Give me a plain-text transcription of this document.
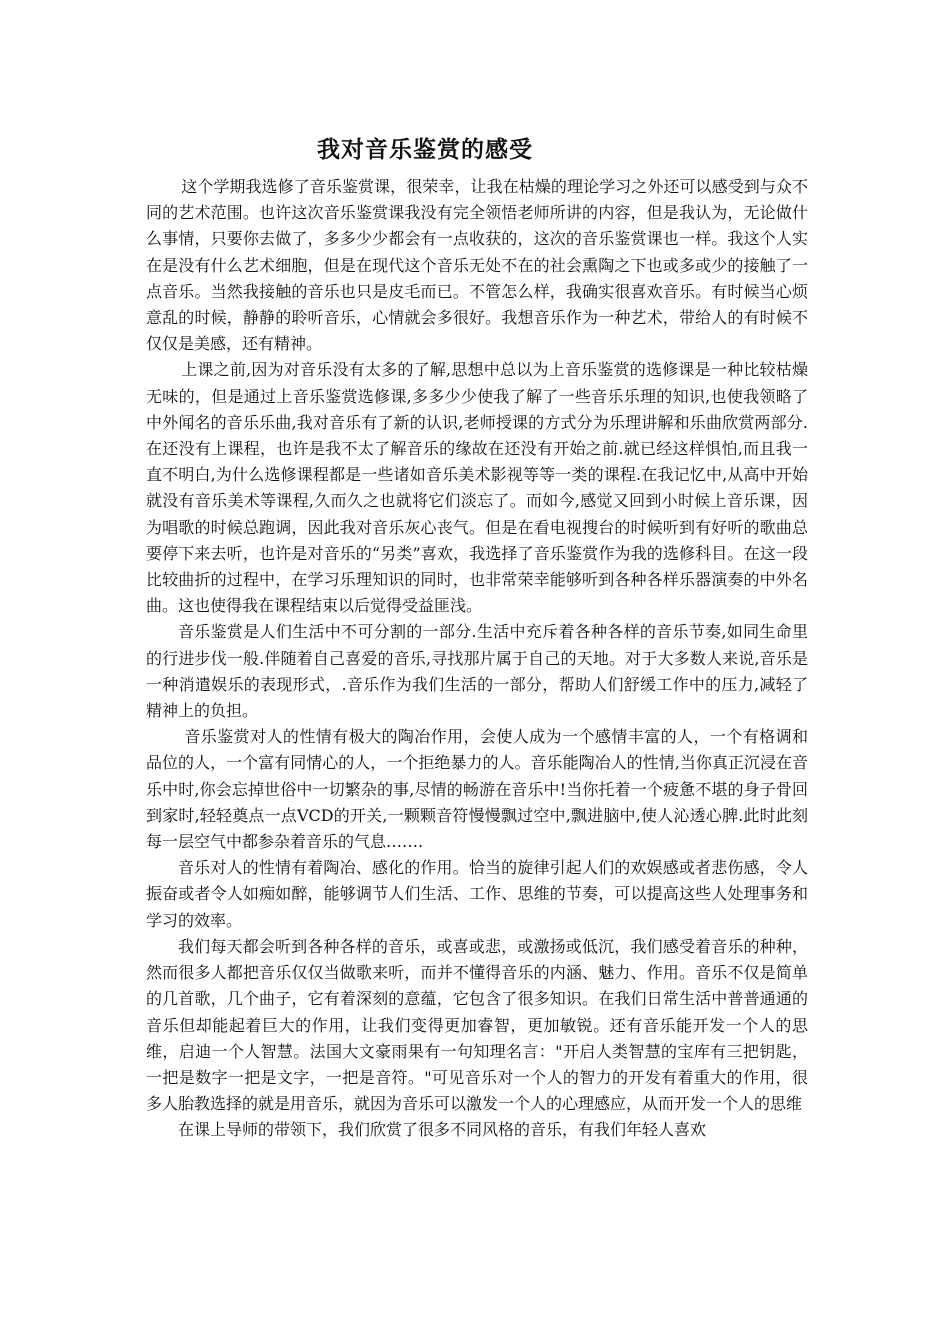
我对音乐鉴赏的感受

这个学期我选修了音乐鉴赏课，很荣幸，让我在枯燥的理论学习之外还可以感受到与众不同的艺术范围。也许这次音乐鉴赏课我没有完全领悟老师所讲的内容，但是我认为，无论做什么事情，只要你去做了，多多少少都会有一点收获的，这次的音乐鉴赏课也一样。我这个人实在是没有什么艺术细胞，但是在现代这个音乐无处不在的社会熏陶之下也或多或少的接触了一点音乐。当然我接触的音乐也只是皮毛而已。不管怎么样，我确实很喜欢音乐。有时候当心烦意乱的时候，静静的聆听音乐，心情就会多很好。我想音乐作为一种艺术，带给人的有时候不仅仅是美感，还有精神。

上课之前,因为对音乐没有太多的了解,思想中总以为上音乐鉴赏的选修课是一种比较枯燥无味的，但是通过上音乐鉴赏选修课,多多少少使我了解了一些音乐乐理的知识,也使我领略了中外闻名的音乐乐曲,我对音乐有了新的认识,老师授课的方式分为乐理讲解和乐曲欣赏两部分.在还没有上课程，也许是我不太了解音乐的缘故在还没有开始之前.就已经这样惧怕,而且我一直不明白,为什么选修课程都是一些诸如音乐美术影视等等一类的课程.在我记忆中,从高中开始就没有音乐美术等课程,久而久之也就将它们淡忘了。而如今,感觉又回到小时候上音乐课，因为唱歌的时候总跑调，因此我对音乐灰心丧气。但是在看电视搜台的时候听到有好听的歌曲总要停下来去听，也许是对音乐的“另类”喜欢，我选择了音乐鉴赏作为我的选修科目。在这一段比较曲折的过程中，在学习乐理知识的同时，也非常荣幸能够听到各种各样乐器演奏的中外名曲。这也使得我在课程结束以后觉得受益匪浅。

音乐鉴赏是人们生活中不可分割的一部分.生活中充斥着各种各样的音乐节奏,如同生命里的行进步伐一般.伴随着自己喜爱的音乐,寻找那片属于自己的天地。对于大多数人来说,音乐是一种消遣娱乐的表现形式，.音乐作为我们生活的一部分，帮助人们舒缓工作中的压力,减轻了精神上的负担。

音乐鉴赏对人的性情有极大的陶冶作用，会使人成为一个感情丰富的人，一个有格调和品位的人，一个富有同情心的人，一个拒绝暴力的人。音乐能陶冶人的性情,当你真正沉浸在音乐中时,你会忘掉世俗中一切繁杂的事,尽情的畅游在音乐中!当你托着一个疲惫不堪的身子骨回到家时,轻轻奠点一点VCD的开关,一颗颗音符慢慢飘过空中,飘进脑中,使人沁透心脾.此时此刻每一层空气中都参杂着音乐的气息…….

音乐对人的性情有着陶冶、感化的作用。恰当的旋律引起人们的欢娱感或者悲伤感，令人振奋或者令人如痴如醉，能够调节人们生活、工作、思维的节奏，可以提高这些人处理事务和学习的效率。

我们每天都会听到各种各样的音乐，或喜或悲，或激扬或低沉，我们感受着音乐的种种，然而很多人都把音乐仅仅当做歌来听，而并不懂得音乐的内涵、魅力、作用。音乐不仅是简单的几首歌，几个曲子，它有着深刻的意蕴，它包含了很多知识。在我们日常生活中普普通通的音乐但却能起着巨大的作用，让我们变得更加睿智，更加敏锐。还有音乐能开发一个人的思维，启迪一个人智慧。法国大文豪雨果有一句知理名言："开启人类智慧的宝库有三把钥匙，一把是数字一把是文字，一把是音符。"可见音乐对一个人的智力的开发有着重大的作用，很多人胎教选择的就是用音乐，就因为音乐可以激发一个人的心理感应，从而开发一个人的思维

在课上导师的带领下，我们欣赏了很多不同风格的音乐，有我们年轻人喜欢
